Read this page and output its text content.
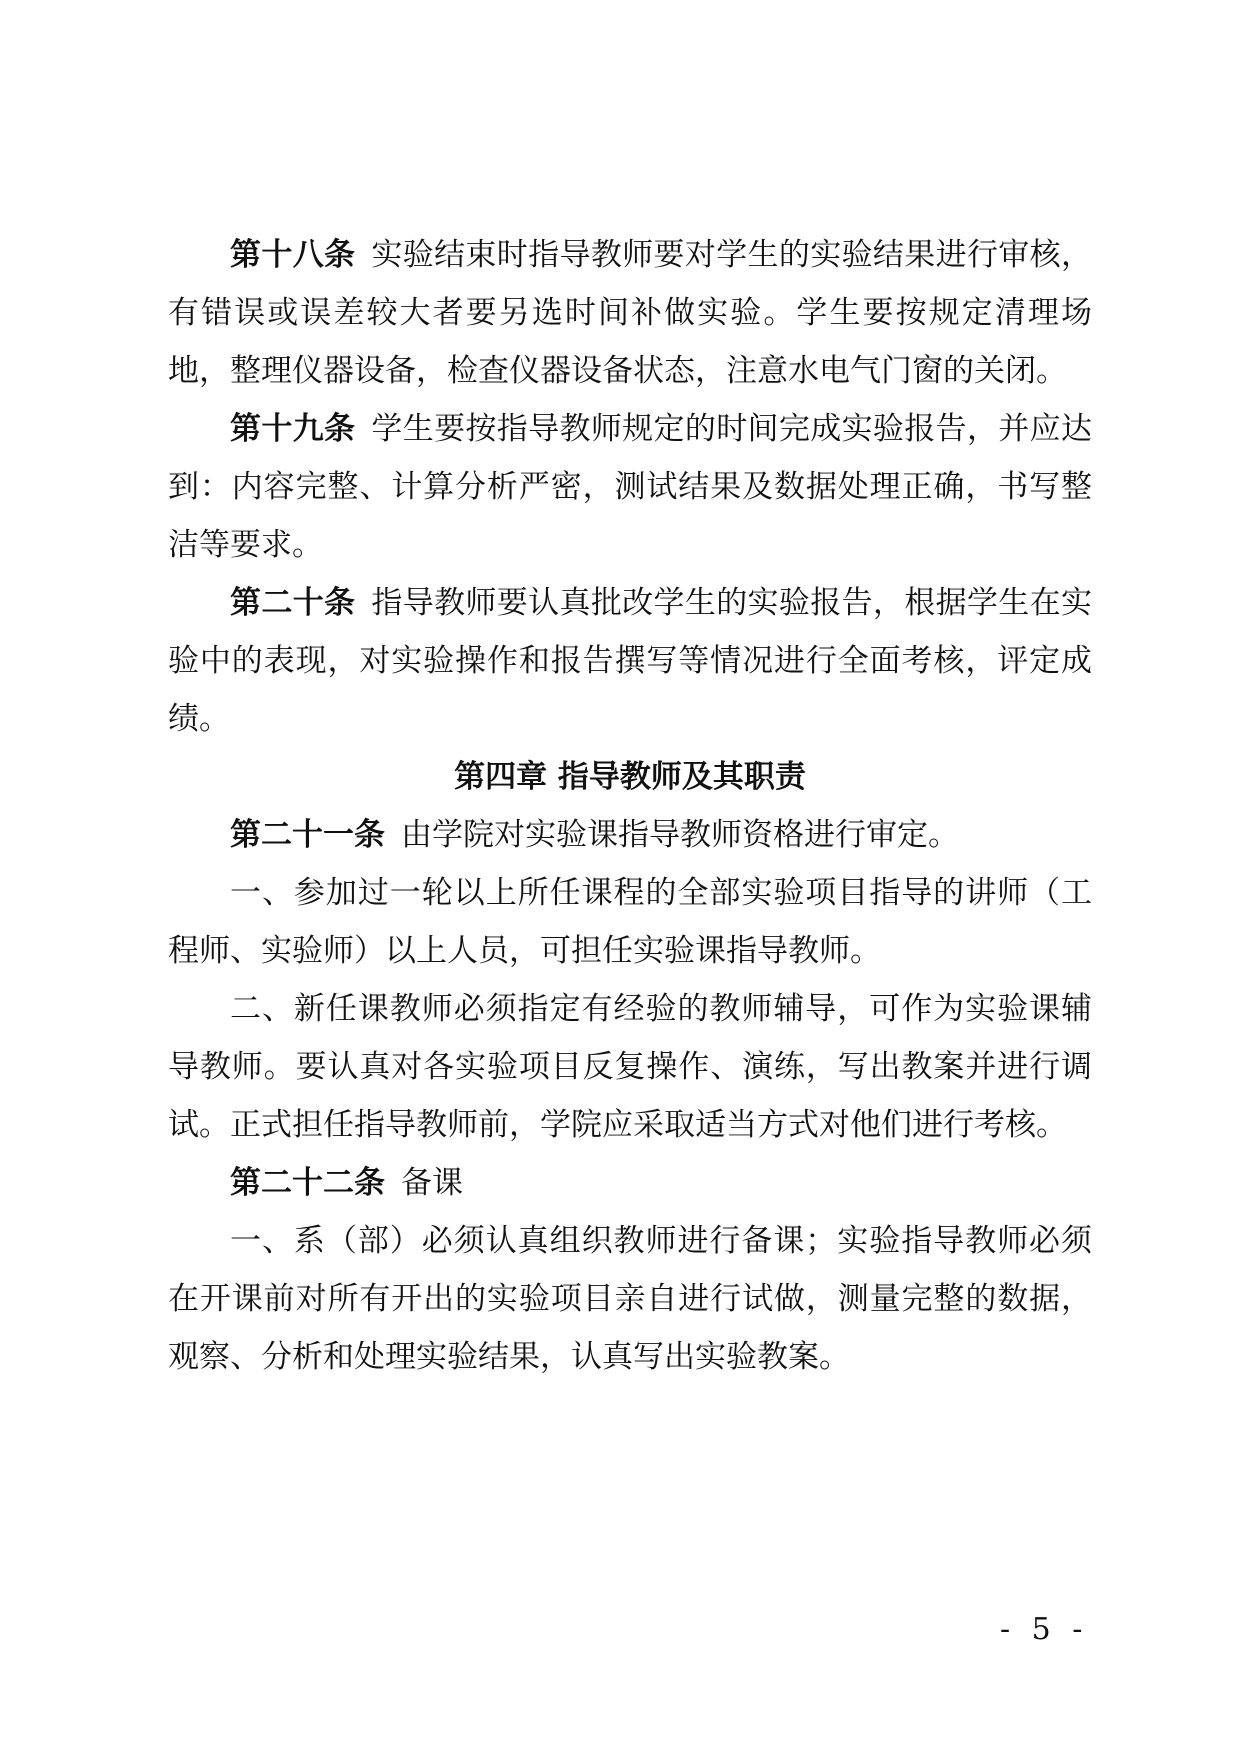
第十八条 实验结束时指导教师要对学生的实验结果进行审核，有错误或误差较大者要另选时间补做实验。学生要按规定清理场地，整理仪器设备，检查仪器设备状态，注意水电气门窗的关闭。

第十九条 学生要按指导教师规定的时间完成实验报告，并应达到：内容完整、计算分析严密，测试结果及数据处理正确，书写整洁等要求。

第二十条 指导教师要认真批改学生的实验报告，根据学生在实验中的表现，对实验操作和报告撰写等情况进行全面考核，评定成绩。

第四章 指导教师及其职责

第二十一条 由学院对实验课指导教师资格进行审定。

一、参加过一轮以上所任课程的全部实验项目指导的讲师（工程师、实验师）以上人员，可担任实验课指导教师。

二、新任课教师必须指定有经验的教师辅导，可作为实验课辅导教师。要认真对各实验项目反复操作、演练，写出教案并进行调试。正式担任指导教师前，学院应采取适当方式对他们进行考核。

第二十二条 备课

一、系（部）必须认真组织教师进行备课；实验指导教师必须在开课前对所有开出的实验项目亲自进行试做，测量完整的数据，观察、分析和处理实验结果，认真写出实验教案。

- 5 -
